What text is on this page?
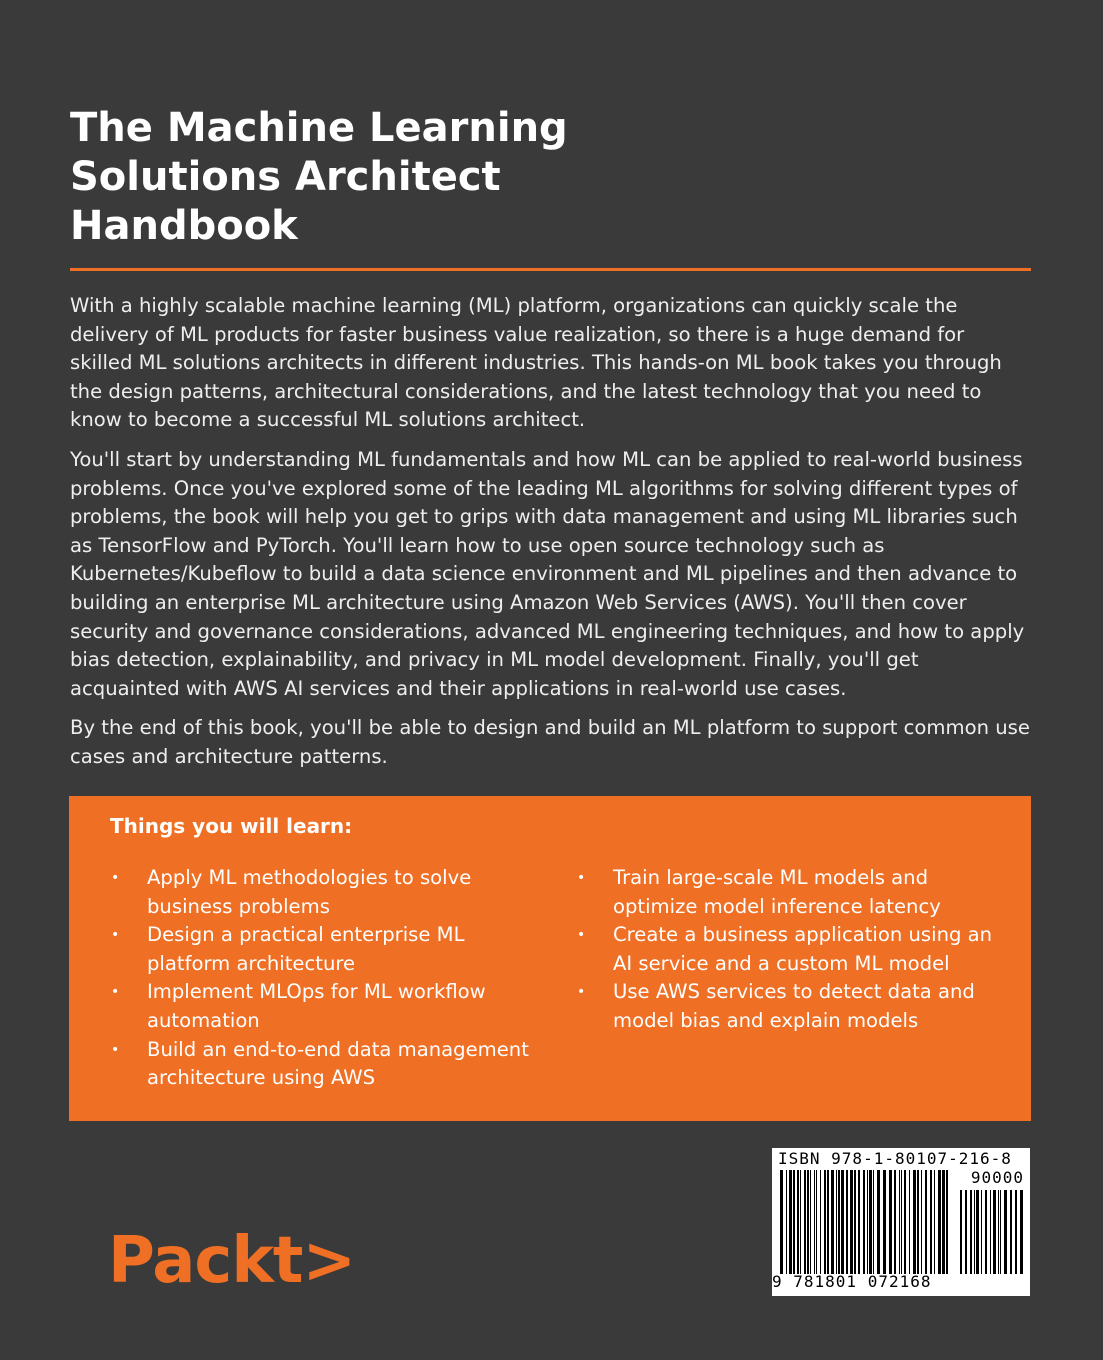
The Machine Learning
Solutions Architect
Handbook

With a highly scalable machine learning (ML) platform, organizations can quickly scale the delivery of ML products for faster business value realization, so there is a huge demand for skilled ML solutions architects in different industries. This hands-on ML book takes you through the design patterns, architectural considerations, and the latest technology that you need to know to become a successful ML solutions architect.

You'll start by understanding ML fundamentals and how ML can be applied to real-world business problems. Once you've explored some of the leading ML algorithms for solving different types of problems, the book will help you get to grips with data management and using ML libraries such as TensorFlow and PyTorch. You'll learn how to use open source technology such as Kubernetes/Kubeflow to build a data science environment and ML pipelines and then advance to building an enterprise ML architecture using Amazon Web Services (AWS). You'll then cover security and governance considerations, advanced ML engineering techniques, and how to apply bias detection, explainability, and privacy in ML model development. Finally, you'll get acquainted with AWS AI services and their applications in real-world use cases.

By the end of this book, you'll be able to design and build an ML platform to support common use cases and architecture patterns.

Things you will learn:
• Apply ML methodologies to solve business problems
• Design a practical enterprise ML platform architecture
• Implement MLOps for ML workflow automation
• Build an end-to-end data management architecture using AWS
• Train large-scale ML models and optimize model inference latency
• Create a business application using an AI service and a custom ML model
• Use AWS services to detect data and model bias and explain models
Packt>
ISBN 978-1-80107-216-8
90000
9 781801 072168
